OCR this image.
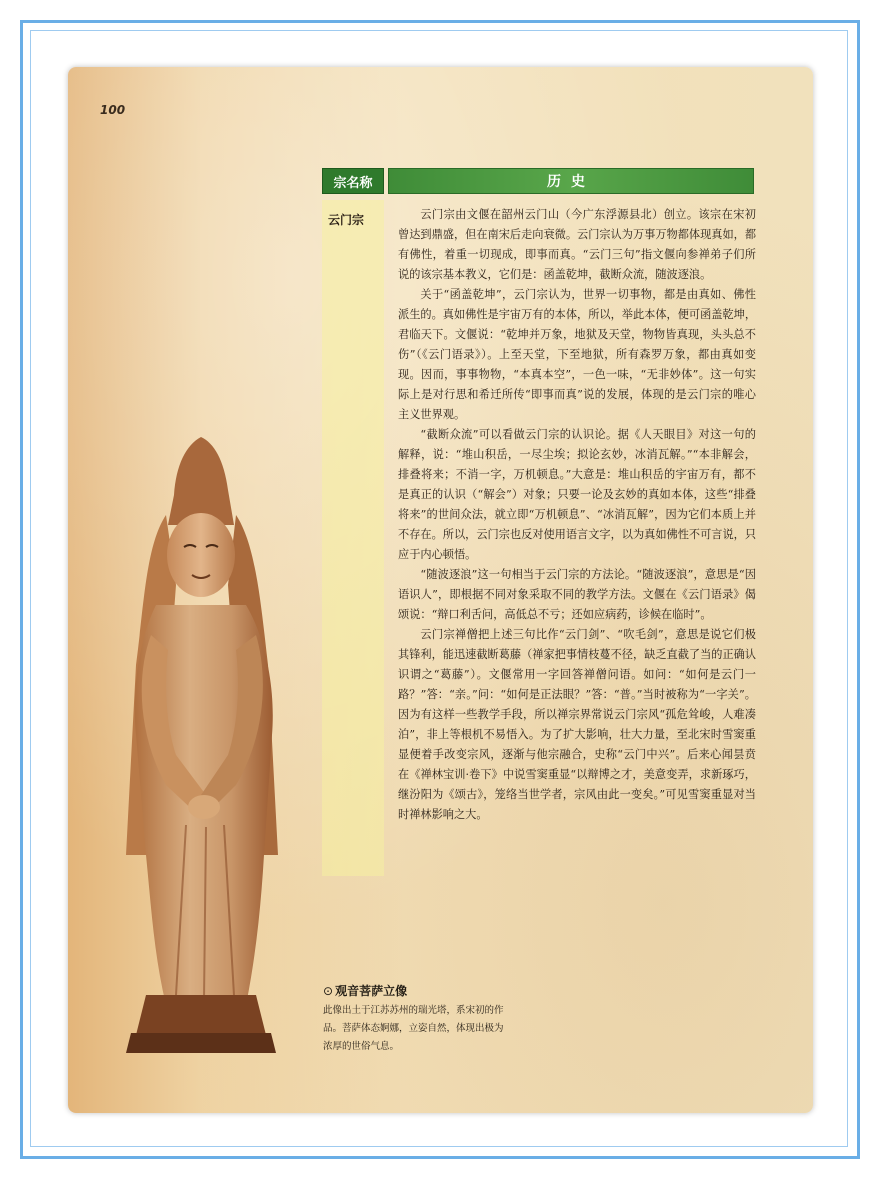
100
宗名称	历史
云门宗	云门宗由文偃在韶州云门山（今广东浮源县北）创立。该宗在宋初曾达到鼎盛，但在南宋后走向衰微。云门宗认为万事万物都体现真如，都有佛性，着重一切现成，即事而真。“云门三句”指文偃向参禅弟子们所说的该宗基本教义，它们是：函盖乾坤，截断众流，随波逐浪。

关于“函盖乾坤”，云门宗认为，世界一切事物，都是由真如、佛性派生的。真如佛性是宇宙万有的本体，所以，举此本体，便可函盖乾坤，君临天下。文偃说：“乾坤并万象，地狱及天堂，物物皆真现，头头总不伤”（《云门语录》）。上至天堂，下至地狱，所有森罗万象，都由真如变现。因而，事事物物，“本真本空”，一色一味，“无非妙体”。这一句实际上是对行思和希迁所传“即事而真”说的发展，体现的是云门宗的唯心主义世界观。

“截断众流”可以看做云门宗的认识论。据《人天眼目》对这一句的解释，说：“堆山积岳，一尽尘埃；拟论玄妙，冰消瓦解。”“本非解会，排叠将来；不消一字，万机顿息。”大意是：堆山积岳的宇宙万有，都不是真正的认识（“解会”）对象；只要一论及玄妙的真如本体，这些“排叠将来”的世间众法，就立即“万机顿息”、“冰消瓦解”，因为它们本质上并不存在。所以，云门宗也反对使用语言文字，以为真如佛性不可言说，只应于内心顿悟。

“随波逐浪”这一句相当于云门宗的方法论。“随波逐浪”，意思是“因语识人”，即根据不同对象采取不同的教学方法。文偃在《云门语录》偈颂说：“辩口利舌问，高低总不亏；还如应病药，诊候在临时”。

云门宗禅僧把上述三句比作“云门剑”、“吹毛剑”，意思是说它们极其锋利，能迅速截断葛藤（禅家把事情枝蔓不径，缺乏直截了当的正确认识谓之“葛藤”）。文偃常用一字回答禅僧问语。如问：“如何是云门一路？”答：“亲。”问：“如何是正法眼？”答：“普。”当时被称为“一字关”。因为有这样一些教学手段，所以禅宗界常说云门宗风“孤危耸峻，人难凑泊”，非上等根机不易悟入。为了扩大影响，壮大力量，至北宋时雪窦重显便着手改变宗风，逐渐与他宗融合，史称“云门中兴”。后来心闻昙贲在《禅林宝训·卷下》中说雪窦重显“以辩博之才，美意变弄，求新琢巧，继汾阳为《颂古》，笼络当世学者，宗风由此一变矣。”可见雪窦重显对当时禅林影响之大。

⊙ 观音菩萨立像

此像出土于江苏苏州的瑞光塔，系宋初的作

品。菩萨体态婀娜，立姿自然，体现出极为

浓厚的世俗气息。
